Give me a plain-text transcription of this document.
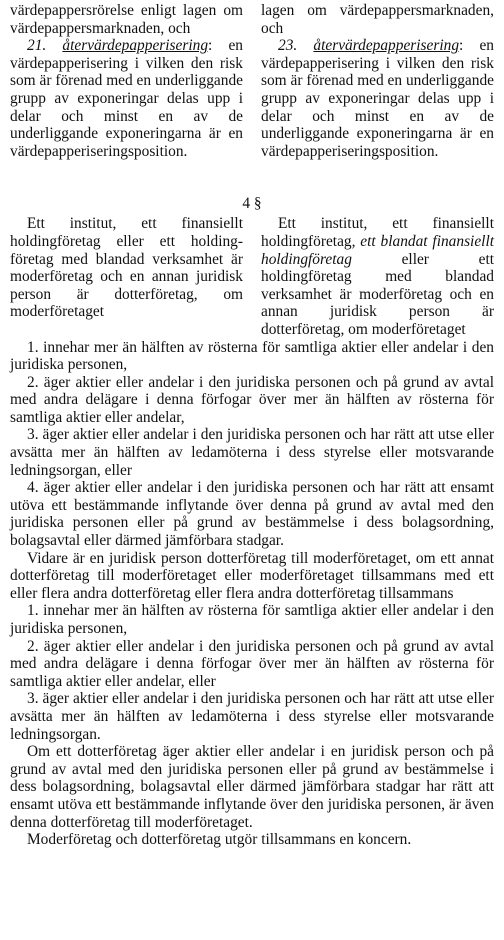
värdepappersrörelse enligt lagen om värdepappersmarknaden, och

21. återvärdepapperisering: en värdepapperisering i vilken den risk som är förenad med en underliggande grupp av exponeringar delas upp i delar och minst en av de underliggande exponeringarna är en värdepapperiseringsposition.

lagen om värdepappersmarknaden, och

23. återvärdepapperisering: en värdepapperisering i vilken den risk som är förenad med en underliggande grupp av exponeringar delas upp i delar och minst en av de underliggande exponeringarna är en värdepapperiseringsposition.

4 §

Ett institut, ett finansiellt holdingföretag eller ett holdingföretag med blandad verksamhet är moderföretag och en annan juridisk person är dotterföretag, om moderföretaget

Ett institut, ett finansiellt holdingföretag, ett blandat finansiellt holdingföretag eller ett holdingföretag med blandad verksamhet är moderföretag och en annan juridisk person är dotterföretag, om moderföretaget

1. innehar mer än hälften av rösterna för samtliga aktier eller andelar i den juridiska personen,

2. äger aktier eller andelar i den juridiska personen och på grund av avtal med andra delägare i denna förfogar över mer än hälften av rösterna för samtliga aktier eller andelar,

3. äger aktier eller andelar i den juridiska personen och har rätt att utse eller avsätta mer än hälften av ledamöterna i dess styrelse eller motsvarande ledningsorgan, eller

4. äger aktier eller andelar i den juridiska personen och har rätt att ensamt utöva ett bestämmande inflytande över denna på grund av avtal med den juridiska personen eller på grund av bestämmelse i dess bolagsordning, bolagsavtal eller därmed jämförbara stadgar.

Vidare är en juridisk person dotterföretag till moderföretaget, om ett annat dotterföretag till moderföretaget eller moderföretaget tillsammans med ett eller flera andra dotterföretag eller flera andra dotterföretag tillsammans

1. innehar mer än hälften av rösterna för samtliga aktier eller andelar i den juridiska personen,

2. äger aktier eller andelar i den juridiska personen och på grund av avtal med andra delägare i denna förfogar över mer än hälften av rösterna för samtliga aktier eller andelar, eller

3. äger aktier eller andelar i den juridiska personen och har rätt att utse eller avsätta mer än hälften av ledamöterna i dess styrelse eller motsvarande ledningsorgan.

Om ett dotterföretag äger aktier eller andelar i en juridisk person och på grund av avtal med den juridiska personen eller på grund av bestämmelse i dess bolagsordning, bolagsavtal eller därmed jämförbara stadgar har rätt att ensamt utöva ett bestämmande inflytande över den juridiska personen, är även denna dotterföretag till moderföretaget.

Moderföretag och dotterföretag utgör tillsammans en koncern.
